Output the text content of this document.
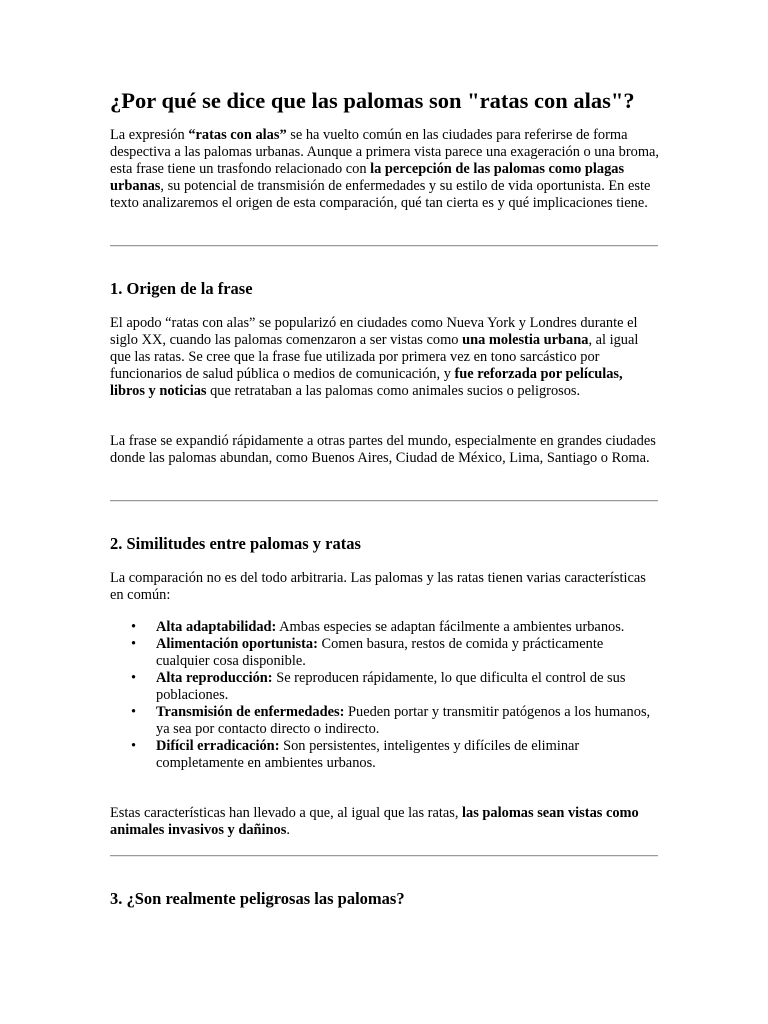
¿Por qué se dice que las palomas son "ratas con alas"?

La expresión “ratas con alas” se ha vuelto común en las ciudades para referirse de forma despectiva a las palomas urbanas. Aunque a primera vista parece una exageración o una broma, esta frase tiene un trasfondo relacionado con la percepción de las palomas como plagas urbanas, su potencial de transmisión de enfermedades y su estilo de vida oportunista. En este texto analizaremos el origen de esta comparación, qué tan cierta es y qué implicaciones tiene.

1. Origen de la frase

El apodo “ratas con alas” se popularizó en ciudades como Nueva York y Londres durante el siglo XX, cuando las palomas comenzaron a ser vistas como una molestia urbana, al igual que las ratas. Se cree que la frase fue utilizada por primera vez en tono sarcástico por funcionarios de salud pública o medios de comunicación, y fue reforzada por películas, libros y noticias que retrataban a las palomas como animales sucios o peligrosos.

La frase se expandió rápidamente a otras partes del mundo, especialmente en grandes ciudades donde las palomas abundan, como Buenos Aires, Ciudad de México, Lima, Santiago o Roma.

2. Similitudes entre palomas y ratas

La comparación no es del todo arbitraria. Las palomas y las ratas tienen varias características en común:

• Alta adaptabilidad: Ambas especies se adaptan fácilmente a ambientes urbanos.
• Alimentación oportunista: Comen basura, restos de comida y prácticamente cualquier cosa disponible.
• Alta reproducción: Se reproducen rápidamente, lo que dificulta el control de sus poblaciones.
• Transmisión de enfermedades: Pueden portar y transmitir patógenos a los humanos, ya sea por contacto directo o indirecto.
• Difícil erradicación: Son persistentes, inteligentes y difíciles de eliminar completamente en ambientes urbanos.

Estas características han llevado a que, al igual que las ratas, las palomas sean vistas como animales invasivos y dañinos.

3. ¿Son realmente peligrosas las palomas?
